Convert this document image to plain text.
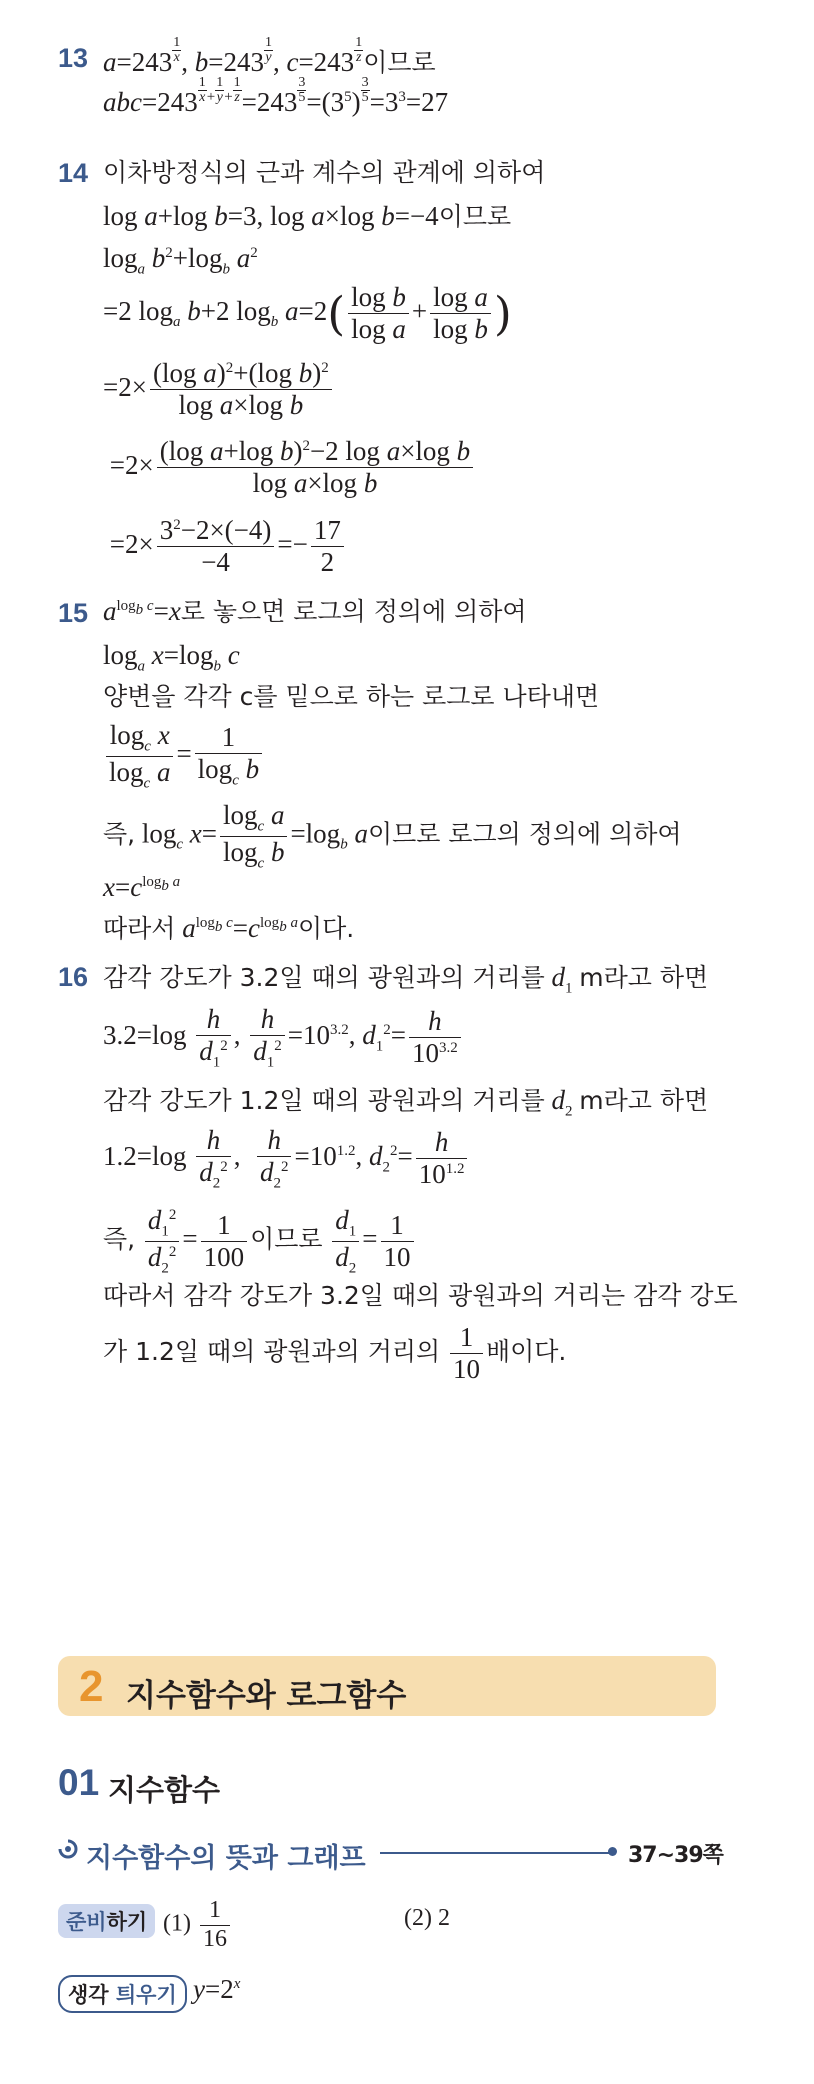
13 $a=243 \frac{1}{x}$ , $b=243 \frac{1}{y}$ , $c=243 \frac{1}{z}$ 이므로
$abc=243 \frac{1}{x} ^+ \frac{1}{y} ^+ \frac{1}{z} =243 \frac{3}{5} =(3^5) \frac{3}{5} =3^3=27$
14 이차방정식의 근과 계수의 관계에 의하여
log a+log b=3, log a×log b=−4이므로
$\log_a b^2+\log_b$ $a^2$
=2 $\log_a b+2$ $\log_b a=2( \frac{\text{log b}}{\text{log a}} + \frac{\text{log a}}{\text{log b}}$ )
$=2\times \frac{(\log a)^2+(\log b)^2}{\text{log a×log b}}$
$=2\times \frac{(\log a+\log b)^2-2 \log a\times\log b}{\text{log a×log b}}$
$=2\times \frac{3^2-2\times(-4)}{-4} =- \frac{17}{2}$
15 $a^{log_b c}=x$로 놓으면 로그의 정의에 의하여
$\log_a x=\log_b$ c
양변을 각각 c를 밑으로 하는 로그로 나타내면
$\frac{\log_c x}{\log_c a} = \frac{1}{\log_c b}$
즉, $\log_c x= \frac{\log_c a}{\log_c b} =\log_b$ a이므로 로그의 정의에 의하여
$x=c^{log_b a}$
따라서 $a^{log_b c}=c^{log_b a}$이다.
16 감각 강도가 3.2일 때의 광원과의 거리를 $d_1$ m라고 하면
$3.2=\log \frac{h}{d_1^2}$ , $\frac{h}{d_1^2} =10^{3.2}$, $d_1^2= \frac{h}{10^{3.2}}$
감각 강도가 1.2일 때의 광원과의 거리를 $d_2$ m라고 하면
$1.2=\log \frac{h}{d_2^2}$ , $\frac{h}{d_2^2} =10^{1.2}$, $d_2^2= \frac{h}{10^{1.2}}$
즉, $\frac{d_1^2}{d_2^2} = \frac{1}{100}$ 이므로 $\frac{d_1}{d_2} = \frac{1}{10}$
따라서 감각 강도가 3.2일 때의 광원과의 거리는 감각 강도
가 1.2일 때의 광원과의 거리의 $\frac{1}{10}$ 배이다.
2 지수함수와 로그함수
01 지수함수
지수함수의 뜻과 그래프	37~39쪽
준비하기 $(1) \frac{1}{16}$	(2) 2
생각 틔우기 $y=2^x$
